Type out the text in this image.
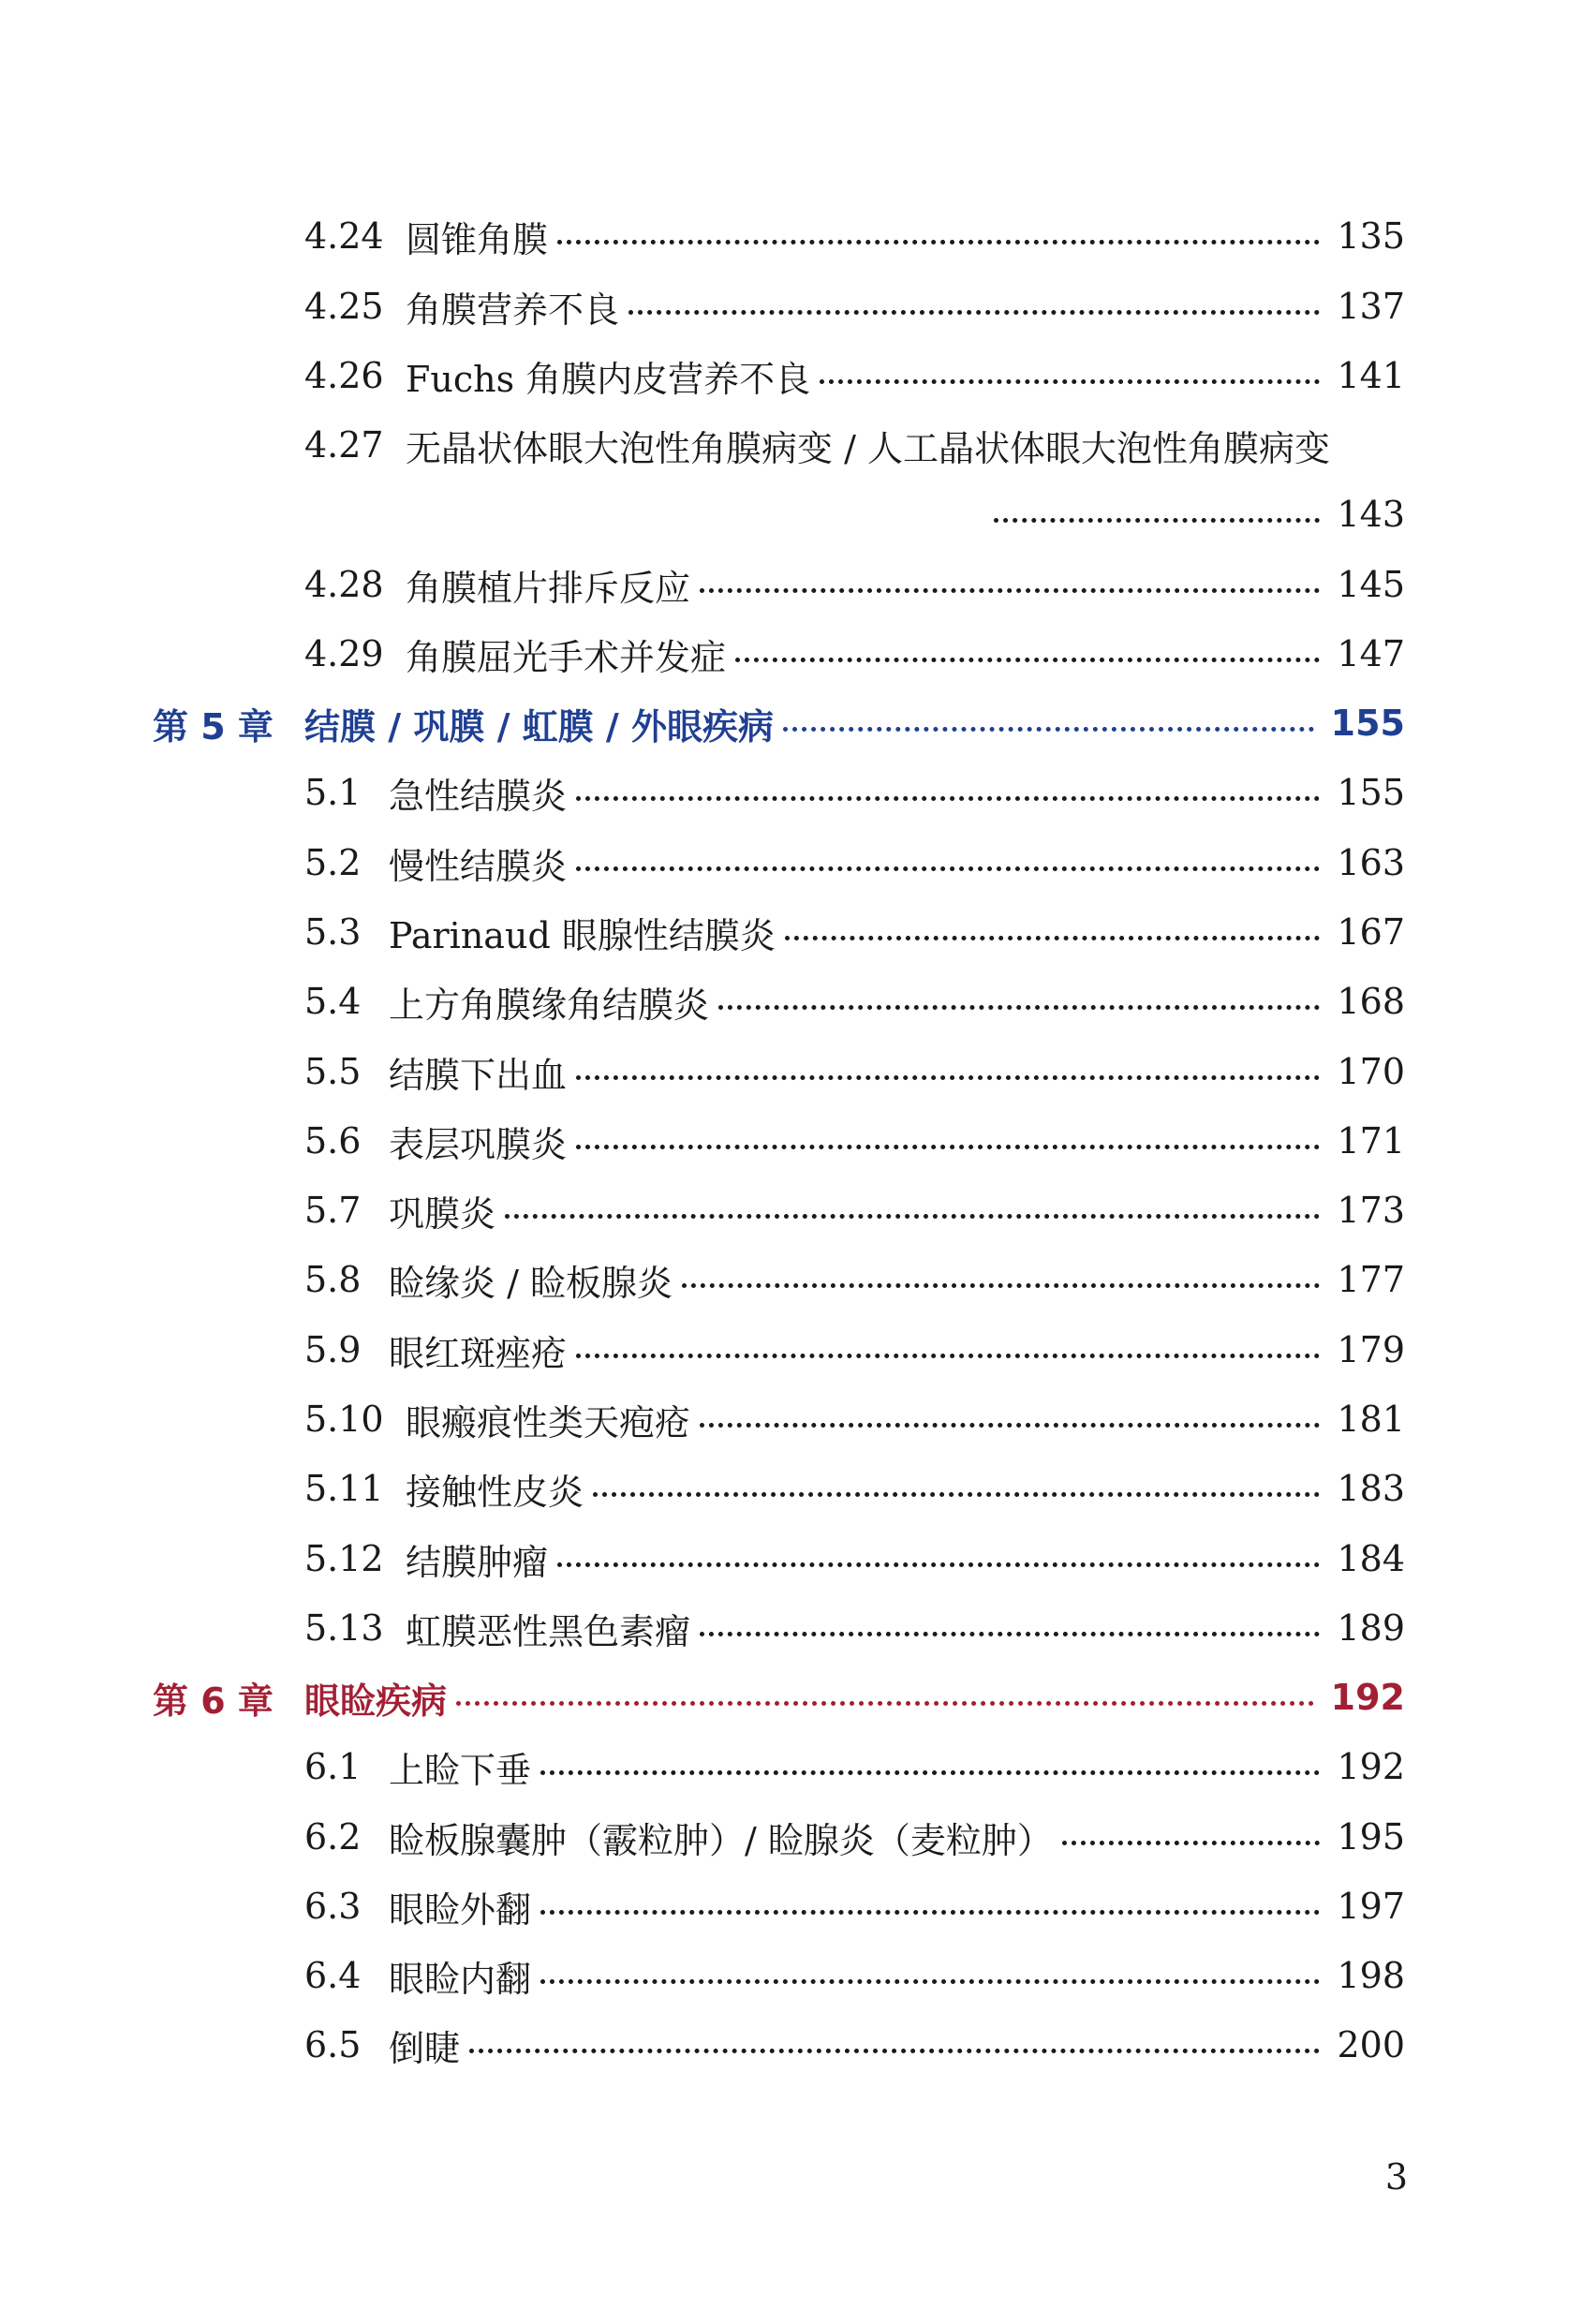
4.24 圆锥角膜	135
4.25 角膜营养不良	137
4.26 Fuchs 角膜内皮营养不良	141
4.27 无晶状体眼大泡性角膜病变 / 人工晶状体眼大泡性角膜病变
143
4.28 角膜植片排斥反应	145
4.29 角膜屈光手术并发症	147
第 5 章 结膜 / 巩膜 / 虹膜 / 外眼疾病	155
5.1 急性结膜炎	155
5.2 慢性结膜炎	163
5.3 Parinaud 眼腺性结膜炎	167
5.4 上方角膜缘角结膜炎	168
5.5 结膜下出血	170
5.6 表层巩膜炎	171
5.7 巩膜炎	173
5.8 睑缘炎 / 睑板腺炎	177
5.9 眼红斑痤疮	179
5.10 眼瘢痕性类天疱疮	181
5.11 接触性皮炎	183
5.12 结膜肿瘤	184
5.13 虹膜恶性黑色素瘤	189
第 6 章 眼睑疾病	192
6.1 上睑下垂	192
6.2 睑板腺囊肿（霰粒肿）/ 睑腺炎（麦粒肿）	195
6.3 眼睑外翻	197
6.4 眼睑内翻	198
6.5 倒睫	200
3
